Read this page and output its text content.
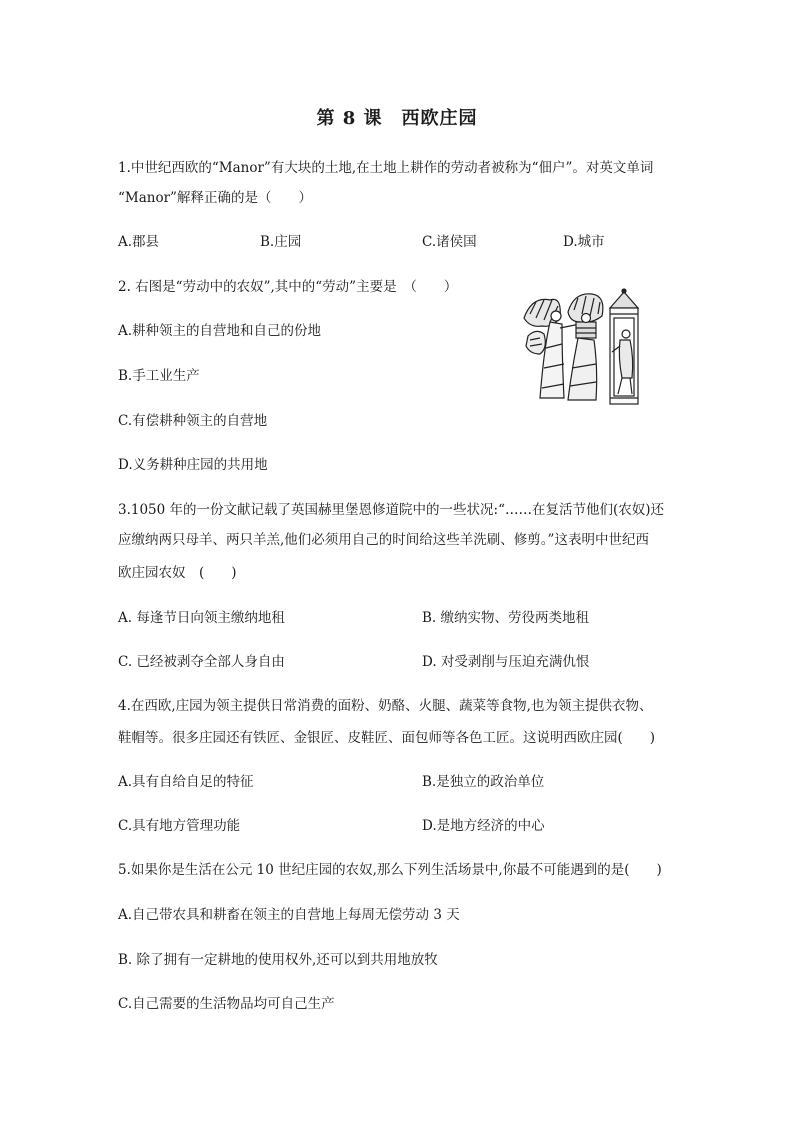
第 8 课　西欧庄园
1.中世纪西欧的“Manor”有大块的土地,在土地上耕作的劳动者被称为“佃户”。对英文单词
“Manor”解释正确的是（　　）
A.郡县	B.庄园	C.诸侯国	D.城市
2. 右图是“劳动中的农奴”,其中的“劳动”主要是　（　　）
A.耕种领主的自营地和自己的份地
B.手工业生产
C.有偿耕种领主的自营地
D.义务耕种庄园的共用地
3.1050 年的一份文献记载了英国赫里堡恩修道院中的一些状况:“……在复活节他们(农奴)还
应缴纳两只母羊、两只羊羔,他们必须用自己的时间给这些羊洗刷、修剪。”这表明中世纪西
欧庄园农奴　(　　)
A. 每逢节日向领主缴纳地租	B. 缴纳实物、劳役两类地租
C. 已经被剥夺全部人身自由	D. 对受剥削与压迫充满仇恨
4.在西欧,庄园为领主提供日常消费的面粉、奶酪、火腿、蔬菜等食物,也为领主提供衣物、
鞋帽等。很多庄园还有铁匠、金银匠、皮鞋匠、面包师等各色工匠。这说明西欧庄园(　　)
A.具有自给自足的特征	B.是独立的政治单位
C.具有地方管理功能	D.是地方经济的中心
5.如果你是生活在公元 10 世纪庄园的农奴,那么下列生活场景中,你最不可能遇到的是(　　)
A.自己带农具和耕畜在领主的自营地上每周无偿劳动 3 天
B. 除了拥有一定耕地的使用权外,还可以到共用地放牧
C.自己需要的生活物品均可自己生产
